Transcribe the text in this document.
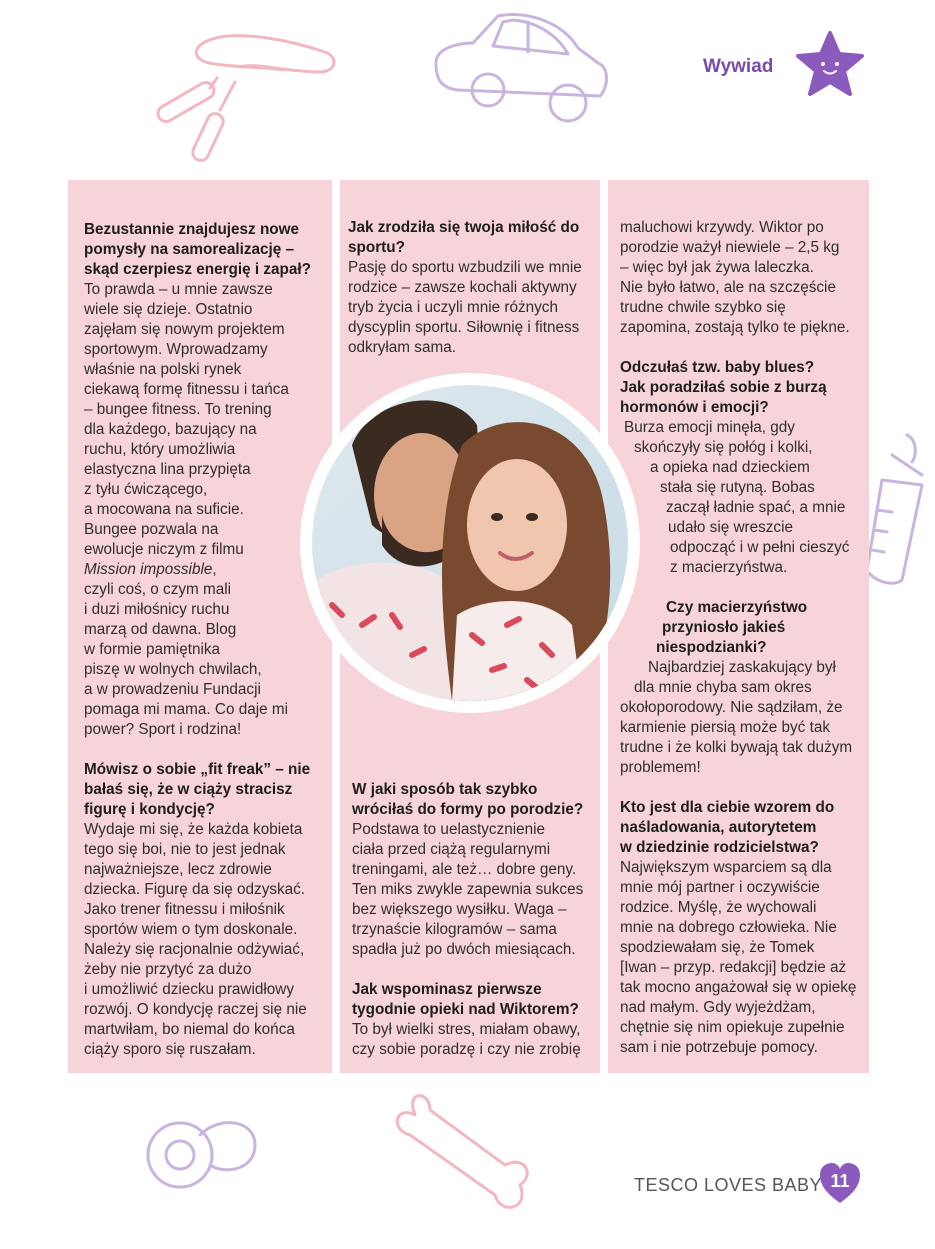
Wywiad
Bezustannie znajdujesz nowe
pomysły na samorealizację –
skąd czerpiesz energię i zapał?
To prawda – u mnie zawsze
wiele się dzieje. Ostatnio
zajęłam się nowym projektem
sportowym. Wprowadzamy
właśnie na polski rynek
ciekawą formę fitnessu i tańca
– bungee fitness. To trening
dla każdego, bazujący na
ruchu, który umożliwia
elastyczna lina przypięta
z tyłu ćwiczącego,
a mocowana na suficie.
Bungee pozwala na
ewolucje niczym z filmu
Mission impossible,
czyli coś, o czym mali
i duzi miłośnicy ruchu
marzą od dawna. Blog
w formie pamiętnika
piszę w wolnych chwilach,
a w prowadzeniu Fundacji
pomaga mi mama. Co daje mi
power? Sport i rodzina!
Mówisz o sobie „fit freak” – nie
bałaś się, że w ciąży stracisz
figurę i kondycję?
Wydaje mi się, że każda kobieta
tego się boi, nie to jest jednak
najważniejsze, lecz zdrowie
dziecka. Figurę da się odzyskać.
Jako trener fitnessu i miłośnik
sportów wiem o tym doskonale.
Należy się racjonalnie odżywiać,
żeby nie przytyć za dużo
i umożliwić dziecku prawidłowy
rozwój. O kondycję raczej się nie
martwiłam, bo niemal do końca
ciąży sporo się ruszałam.
Jak zrodziła się twoja miłość do
sportu?
Pasję do sportu wzbudzili we mnie
rodzice – zawsze kochali aktywny
tryb życia i uczyli mnie różnych
dyscyplin sportu. Siłownię i fitness
odkryłam sama.
W jaki sposób tak szybko
wróciłaś do formy po porodzie?
Podstawa to uelastycznienie
ciała przed ciążą regularnymi
treningami, ale też… dobre geny.
Ten miks zwykle zapewnia sukces
bez większego wysiłku. Waga –
trzynaście kilogramów – sama
spadła już po dwóch miesiącach.
Jak wspominasz pierwsze
tygodnie opieki nad Wiktorem?
To był wielki stres, miałam obawy,
czy sobie poradzę i czy nie zrobię
maluchowi krzywdy. Wiktor po
porodzie ważył niewiele – 2,5 kg
– więc był jak żywa laleczka.
Nie było łatwo, ale na szczęście
trudne chwile szybko się
zapomina, zostają tylko te piękne.
Odczułaś tzw. baby blues?
Jak poradziłaś sobie z burzą
hormonów i emocji?
Burza emocji minęła, gdy
skończyły się połóg i kolki,
a opieka nad dzieckiem
stała się rutyną. Bobas
zaczął ładnie spać, a mnie
udało się wreszcie
odpocząć i w pełni cieszyć
z macierzyństwa.
Czy macierzyństwo
przyniosło jakieś
niespodzianki?
Najbardziej zaskakujący był
dla mnie chyba sam okres
okołoporodowy. Nie sądziłam, że
karmienie piersią może być tak
trudne i że kolki bywają tak dużym
problemem!
Kto jest dla ciebie wzorem do
naśladowania, autorytetem
w dziedzinie rodzicielstwa?
Największym wsparciem są dla
mnie mój partner i oczywiście
rodzice. Myślę, że wychowali
mnie na dobrego człowieka. Nie
spodziewałam się, że Tomek
[Iwan – przyp. redakcji] będzie aż
tak mocno angażował się w opiekę
nad małym. Gdy wyjeżdżam,
chętnie się nim opiekuje zupełnie
sam i nie potrzebuje pomocy.
TESCO LOVES BABY 11
